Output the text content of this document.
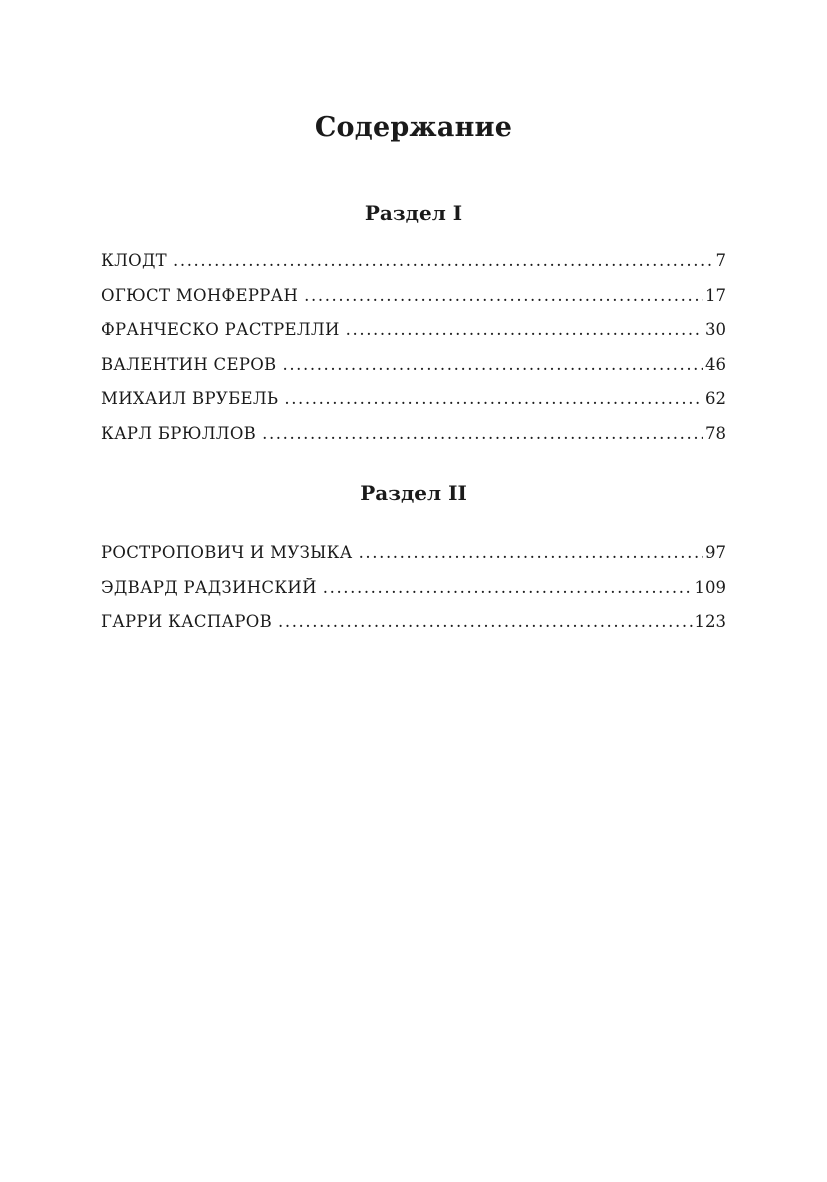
Содержание
Раздел I
КЛОДТ .....	7
ОГЮСТ МОНФЕРРАН .....	17
ФРАНЧЕСКО РАСТРЕЛЛИ .....	30
ВАЛЕНТИН СЕРОВ .....	46
МИХАИЛ ВРУБЕЛЬ .....	62
КАРЛ БРЮЛЛОВ .....	78
Раздел II
РОСТРОПОВИЧ И МУЗЫКА .....	97
ЭДВАРД РАДЗИНСКИЙ .....	109
ГАРРИ КАСПАРОВ .....	123
